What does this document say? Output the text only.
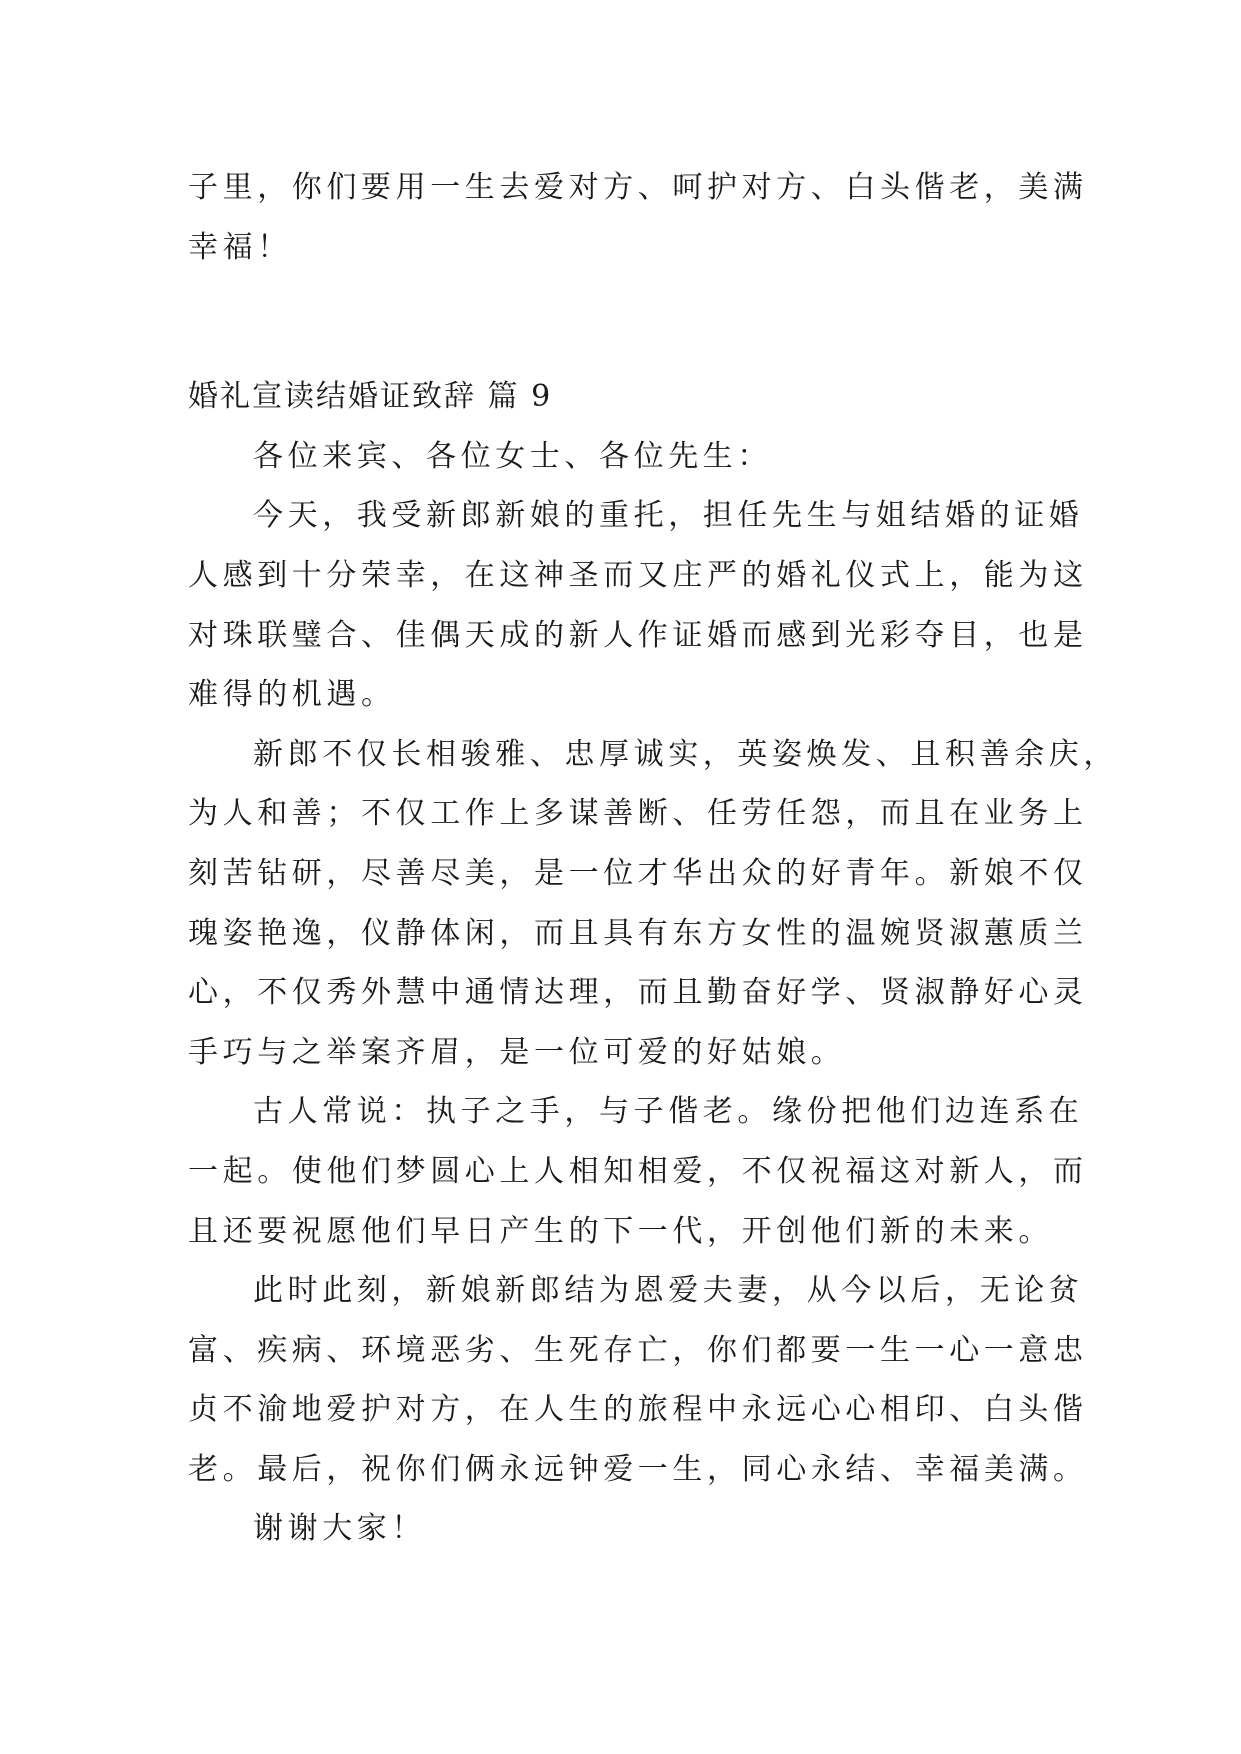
子里，你们要用一生去爱对方、呵护对方、白头偕老，美满
幸福！
婚礼宣读结婚证致辞 篇 9
各位来宾、各位女士、各位先生：
今天，我受新郎新娘的重托，担任先生与姐结婚的证婚
人感到十分荣幸，在这神圣而又庄严的婚礼仪式上，能为这
对珠联璧合、佳偶天成的新人作证婚而感到光彩夺目，也是
难得的机遇。
新郎不仅长相骏雅、忠厚诚实，英姿焕发、且积善余庆，
为人和善；不仅工作上多谋善断、任劳任怨，而且在业务上
刻苦钻研，尽善尽美，是一位才华出众的好青年。新娘不仅
瑰姿艳逸，仪静体闲，而且具有东方女性的温婉贤淑蕙质兰
心，不仅秀外慧中通情达理，而且勤奋好学、贤淑静好心灵
手巧与之举案齐眉，是一位可爱的好姑娘。
古人常说：执子之手，与子偕老。缘份把他们边连系在
一起。使他们梦圆心上人相知相爱，不仅祝福这对新人，而
且还要祝愿他们早日产生的下一代，开创他们新的未来。
此时此刻，新娘新郎结为恩爱夫妻，从今以后，无论贫
富、疾病、环境恶劣、生死存亡，你们都要一生一心一意忠
贞不渝地爱护对方，在人生的旅程中永远心心相印、白头偕
老。最后，祝你们俩永远钟爱一生，同心永结、幸福美满。
谢谢大家！
